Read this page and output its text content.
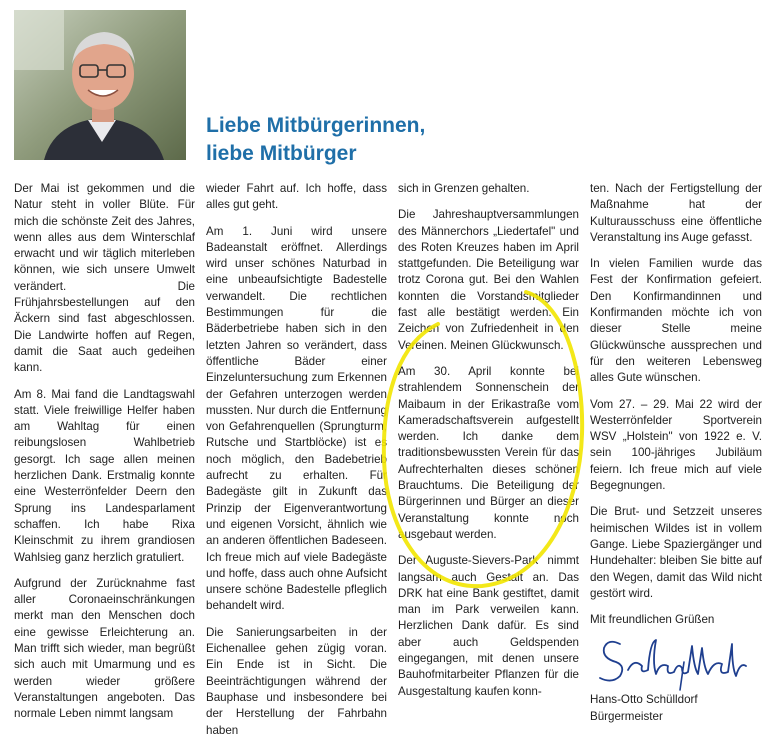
Liebe Mitbürgerinnen,
liebe Mitbürger

Der Mai ist gekommen und die Natur steht in voller Blüte. Für mich die schönste Zeit des Jahres, wenn alles aus dem Winterschlaf erwacht und wir täglich miterleben können, wie sich unsere Umwelt verändert. Die Frühjahrsbestellungen auf den Äckern sind fast abgeschlossen. Die Landwirte hoffen auf Regen, damit die Saat auch gedeihen kann.

Am 8. Mai fand die Landtagswahl statt. Viele freiwillige Helfer haben am Wahltag für einen reibungslosen Wahlbetrieb gesorgt. Ich sage allen meinen herzlichen Dank. Erstmalig konnte eine Westerrönfelder Deern den Sprung ins Landesparlament schaffen. Ich habe Rixa Kleinschmit zu ihrem grandiosen Wahlsieg ganz herzlich gratuliert.

Aufgrund der Zurücknahme fast aller Coronaeinschränkungen merkt man den Menschen doch eine gewisse Erleichterung an. Man trifft sich wieder, man begrüßt sich auch mit Umarmung und es werden wieder größere Veranstaltungen angeboten. Das normale Leben nimmt langsam

wieder Fahrt auf. Ich hoffe, dass alles gut geht.

Am 1. Juni wird unsere Badeanstalt eröffnet. Allerdings wird unser schönes Naturbad in eine unbeaufsichtigte Badestelle verwandelt. Die rechtlichen Bestimmungen für die Bäderbetriebe haben sich in den letzten Jahren so verändert, dass öffentliche Bäder einer Einzeluntersuchung zum Erkennen der Gefahren unterzogen werden mussten. Nur durch die Entfernung von Gefahrenquellen (Sprungturm, Rutsche und Startblöcke) ist es noch möglich, den Badebetrieb aufrecht zu erhalten. Für Badegäste gilt in Zukunft das Prinzip der Eigenverantwortung und eigenen Vorsicht, ähnlich wie an anderen öffentlichen Badeseen. Ich freue mich auf viele Badegäste und hoffe, dass auch ohne Aufsicht unsere schöne Badestelle pfleglich behandelt wird.

Die Sanierungsarbeiten in der Eichenallee gehen zügig voran. Ein Ende ist in Sicht. Die Beeinträchtigungen während der Bauphase und insbesondere bei der Herstellung der Fahrbahn haben

sich in Grenzen gehalten.

Die Jahreshauptversammlungen des Männerchors „Liedertafel" und des Roten Kreuzes haben im April stattgefunden. Die Beteiligung war trotz Corona gut. Bei den Wahlen konnten die Vorstandsmitglieder fast alle bestätigt werden. Ein Zeichen von Zufriedenheit in den Vereinen. Meinen Glückwunsch.

Am 30. April konnte bei strahlendem Sonnenschein der Maibaum in der Erikastraße vom Kameradschaftsverein aufgestellt werden. Ich danke dem traditionsbewussten Verein für das Aufrechterhalten dieses schönen Brauchtums. Die Beteiligung der Bürgerinnen und Bürger an dieser Veranstaltung konnte noch ausgebaut werden.

Der Auguste-Sievers-Park nimmt langsam auch Gestalt an. Das DRK hat eine Bank gestiftet, damit man im Park verweilen kann. Herzlichen Dank dafür. Es sind aber auch Geldspenden eingegangen, mit denen unsere Bauhofmitarbeiter Pflanzen für die Ausgestaltung kaufen konn-

ten. Nach der Fertigstellung der Maßnahme hat der Kulturausschuss eine öffentliche Veranstaltung ins Auge gefasst.

In vielen Familien wurde das Fest der Konfirmation gefeiert. Den Konfirmandinnen und Konfirmanden möchte ich von dieser Stelle meine Glückwünsche aussprechen und für den weiteren Lebensweg alles Gute wünschen.

Vom 27. – 29. Mai 22 wird der Westerrönfelder Sportverein WSV „Holstein" von 1922 e. V. sein 100-jähriges Jubiläum feiern. Ich freue mich auf viele Begegnungen.

Die Brut- und Setzzeit unseres heimischen Wildes ist in vollem Gange. Liebe Spaziergänger und Hundehalter: bleiben Sie bitte auf den Wegen, damit das Wild nicht gestört wird.

Mit freundlichen Grüßen

Hans-Otto Schülldorf
Bürgermeister
